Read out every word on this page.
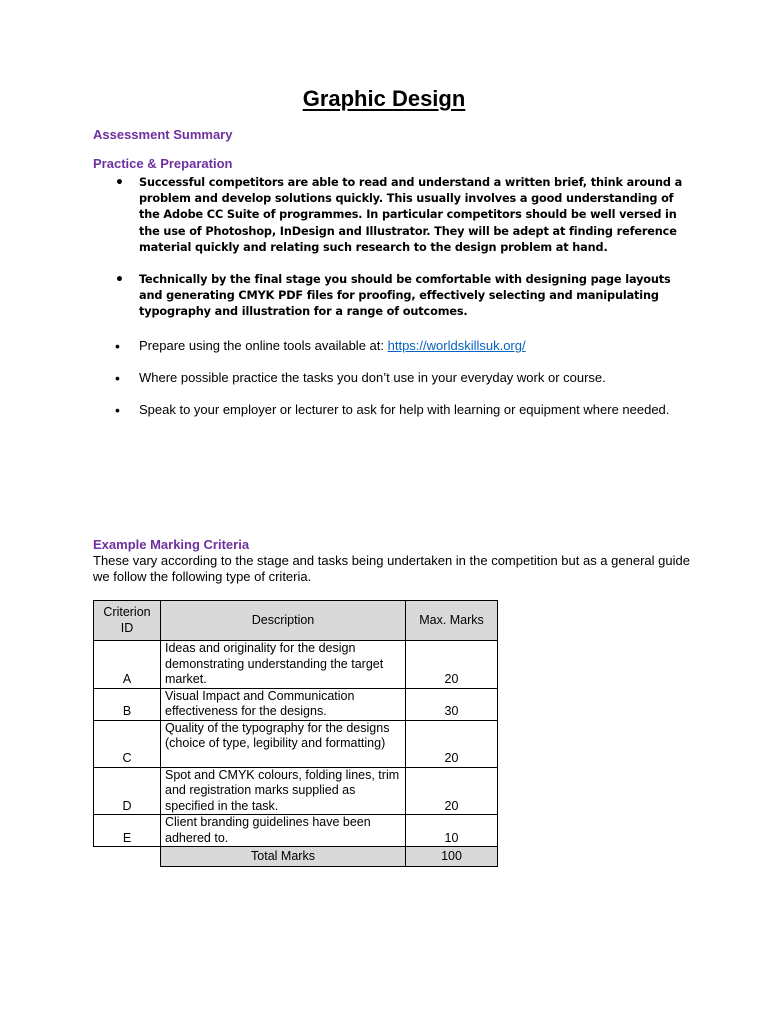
Graphic Design
Assessment Summary
Practice & Preparation
• Successful competitors are able to read and understand a written brief, think around a problem and develop solutions quickly. This usually involves a good understanding of the Adobe CC Suite of programmes. In particular competitors should be well versed in the use of Photoshop, InDesign and Illustrator. They will be adept at finding reference material quickly and relating such research to the design problem at hand.
• Technically by the final stage you should be comfortable with designing page layouts and generating CMYK PDF files for proofing, effectively selecting and manipulating typography and illustration for a range of outcomes.
• Prepare using the online tools available at: https://worldskillsuk.org/
• Where possible practice the tasks you don’t use in your everyday work or course.
• Speak to your employer or lecturer to ask for help with learning or equipment where needed.
Example Marking Criteria
These vary according to the stage and tasks being undertaken in the competition but as a general guide we follow the following type of criteria.
Criterion ID	Description	Max. Marks
A	Ideas and originality for the design demonstrating understanding the target market.	20
B	Visual Impact and Communication effectiveness for the designs.	30
C	Quality of the typography for the designs (choice of type, legibility and formatting)	20
D	Spot and CMYK colours, folding lines, trim and registration marks supplied as specified in the task.	20
E	Client branding guidelines have been adhered to.	10
	Total Marks	100
